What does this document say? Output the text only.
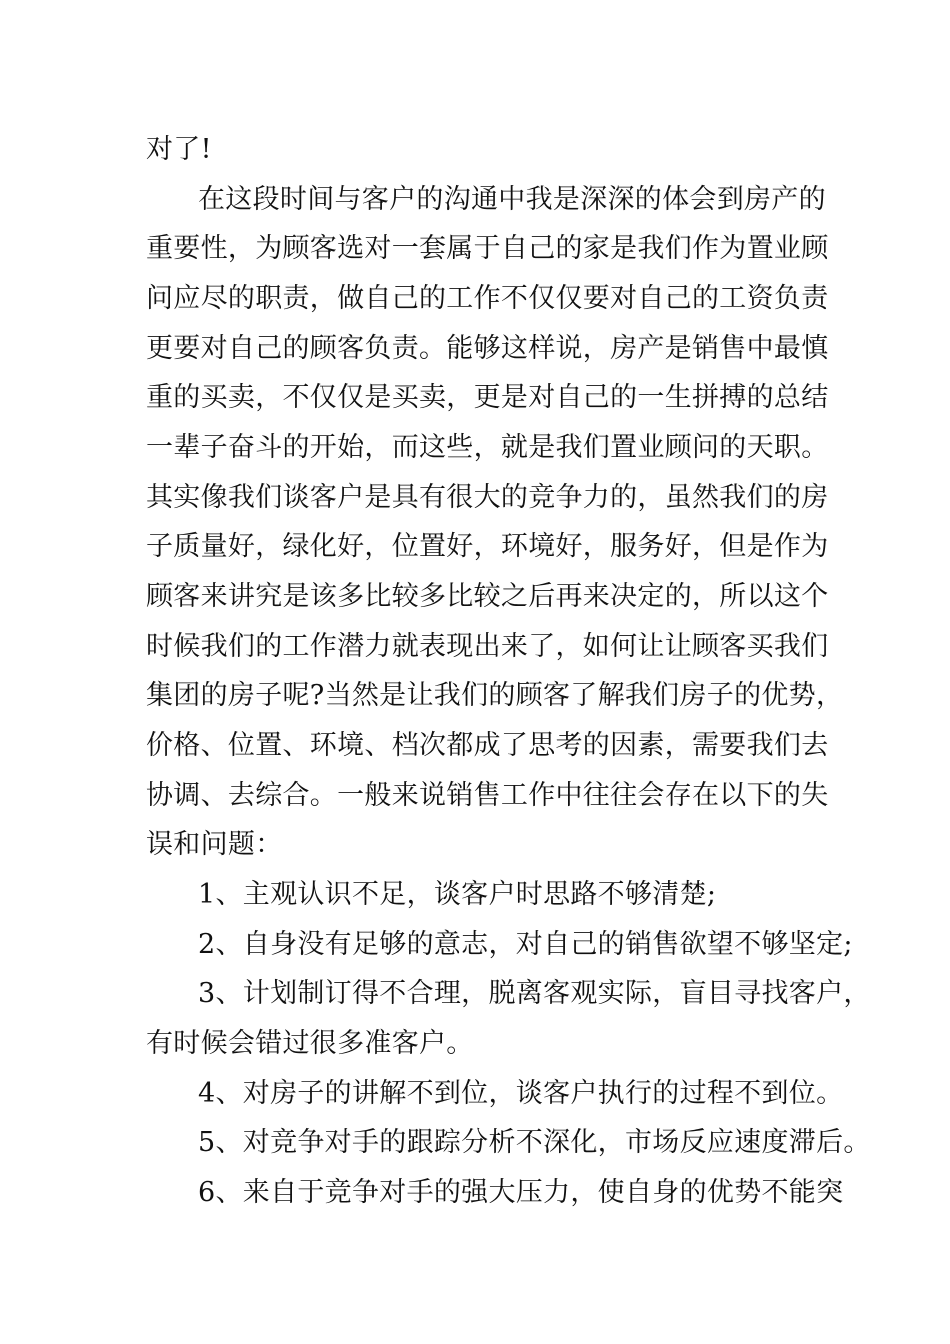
对了!
在这段时间与客户的沟通中我是深深的体会到房产的
重要性，为顾客选对一套属于自己的家是我们作为置业顾
问应尽的职责，做自己的工作不仅仅要对自己的工资负责
更要对自己的顾客负责。能够这样说，房产是销售中最慎
重的买卖，不仅仅是买卖，更是对自己的一生拼搏的总结
一辈子奋斗的开始，而这些，就是我们置业顾问的天职。
其实像我们谈客户是具有很大的竞争力的，虽然我们的房
子质量好，绿化好，位置好，环境好，服务好，但是作为
顾客来讲究是该多比较多比较之后再来决定的，所以这个
时候我们的工作潜力就表现出来了，如何让让顾客买我们
集团的房子呢?当然是让我们的顾客了解我们房子的优势，
价格、位置、环境、档次都成了思考的因素，需要我们去
协调、去综合。一般来说销售工作中往往会存在以下的失
误和问题：
1、主观认识不足，谈客户时思路不够清楚;
2、自身没有足够的意志，对自己的销售欲望不够坚定;
3、计划制订得不合理，脱离客观实际，盲目寻找客户，
有时候会错过很多准客户。
4、对房子的讲解不到位，谈客户执行的过程不到位。
5、对竞争对手的跟踪分析不深化，市场反应速度滞后。
6、来自于竞争对手的强大压力，使自身的优势不能突
